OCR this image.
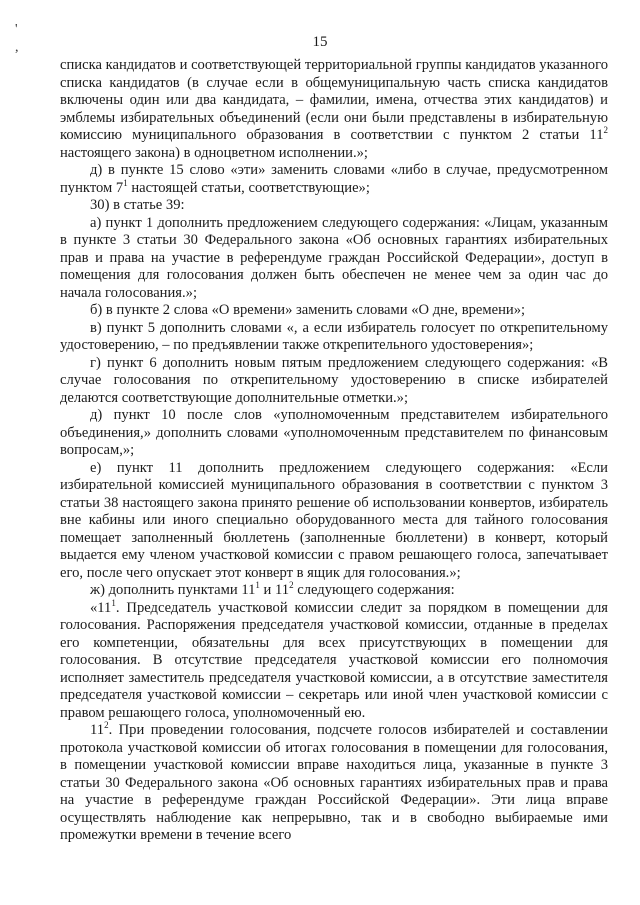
15
'
,

списка кандидатов и соответствующей территориальной группы кандидатов указанного списка кандидатов (в случае если в общемуниципальную часть списка кандидатов включены один или два кандидата, – фамилии, имена, отчества этих кандидатов) и эмблемы избирательных объединений (если они были представлены в избирательную комиссию муниципального образования в соответствии с пунктом 2 статьи $11^2$ настоящего закона) в одноцветном исполнении.»;

д) в пункте 15 слово «эти» заменить словами «либо в случае, предусмотренном пунктом $7^1$ настоящей статьи, соответствующие»;

30) в статье 39:

а) пункт 1 дополнить предложением следующего содержания: «Лицам, указанным в пункте 3 статьи 30 Федерального закона «Об основных гарантиях избирательных прав и права на участие в референдуме граждан Российской Федерации», доступ в помещения для голосования должен быть обеспечен не менее чем за один час до начала голосования.»;

б) в пункте 2 слова «О времени» заменить словами «О дне, времени»;

в) пункт 5 дополнить словами «, а если избиратель голосует по открепительному удостоверению, – по предъявлении также открепительного удостоверения»;

г) пункт 6 дополнить новым пятым предложением следующего содержания: «В случае голосования по открепительному удостоверению в списке избирателей делаются соответствующие дополнительные отметки.»;

д) пункт 10 после слов «уполномоченным представителем избирательного объединения,» дополнить словами «уполномоченным представителем по финансовым вопросам,»;

е) пункт 11 дополнить предложением следующего содержания: «Если избирательной комиссией муниципального образования в соответствии с пунктом 3 статьи 38 настоящего закона принято решение об использовании конвертов, избиратель вне кабины или иного специально оборудованного места для тайного голосования помещает заполненный бюллетень (заполненные бюллетени) в конверт, который выдается ему членом участковой комиссии с правом решающего голоса, запечатывает его, после чего опускает этот конверт в ящик для голосования.»;

ж) дополнить пунктами $11^1$ и $11^2$ следующего содержания:

«$11^1$. Председатель участковой комиссии следит за порядком в помещении для голосования. Распоряжения председателя участковой комиссии, отданные в пределах его компетенции, обязательны для всех присутствующих в помещении для голосования. В отсутствие председателя участковой комиссии его полномочия исполняет заместитель председателя участковой комиссии, а в отсутствие заместителя председателя участковой комиссии – секретарь или иной член участковой комиссии с правом решающего голоса, уполномоченный ею.

$11^2$. При проведении голосования, подсчете голосов избирателей и составлении протокола участковой комиссии об итогах голосования в помещении для голосования, в помещении участковой комиссии вправе находиться лица, указанные в пункте 3 статьи 30 Федерального закона «Об основных гарантиях избирательных прав и права на участие в референдуме граждан Российской Федерации». Эти лица вправе осуществлять наблюдение как непрерывно, так и в свободно выбираемые ими промежутки времени в течение всего
